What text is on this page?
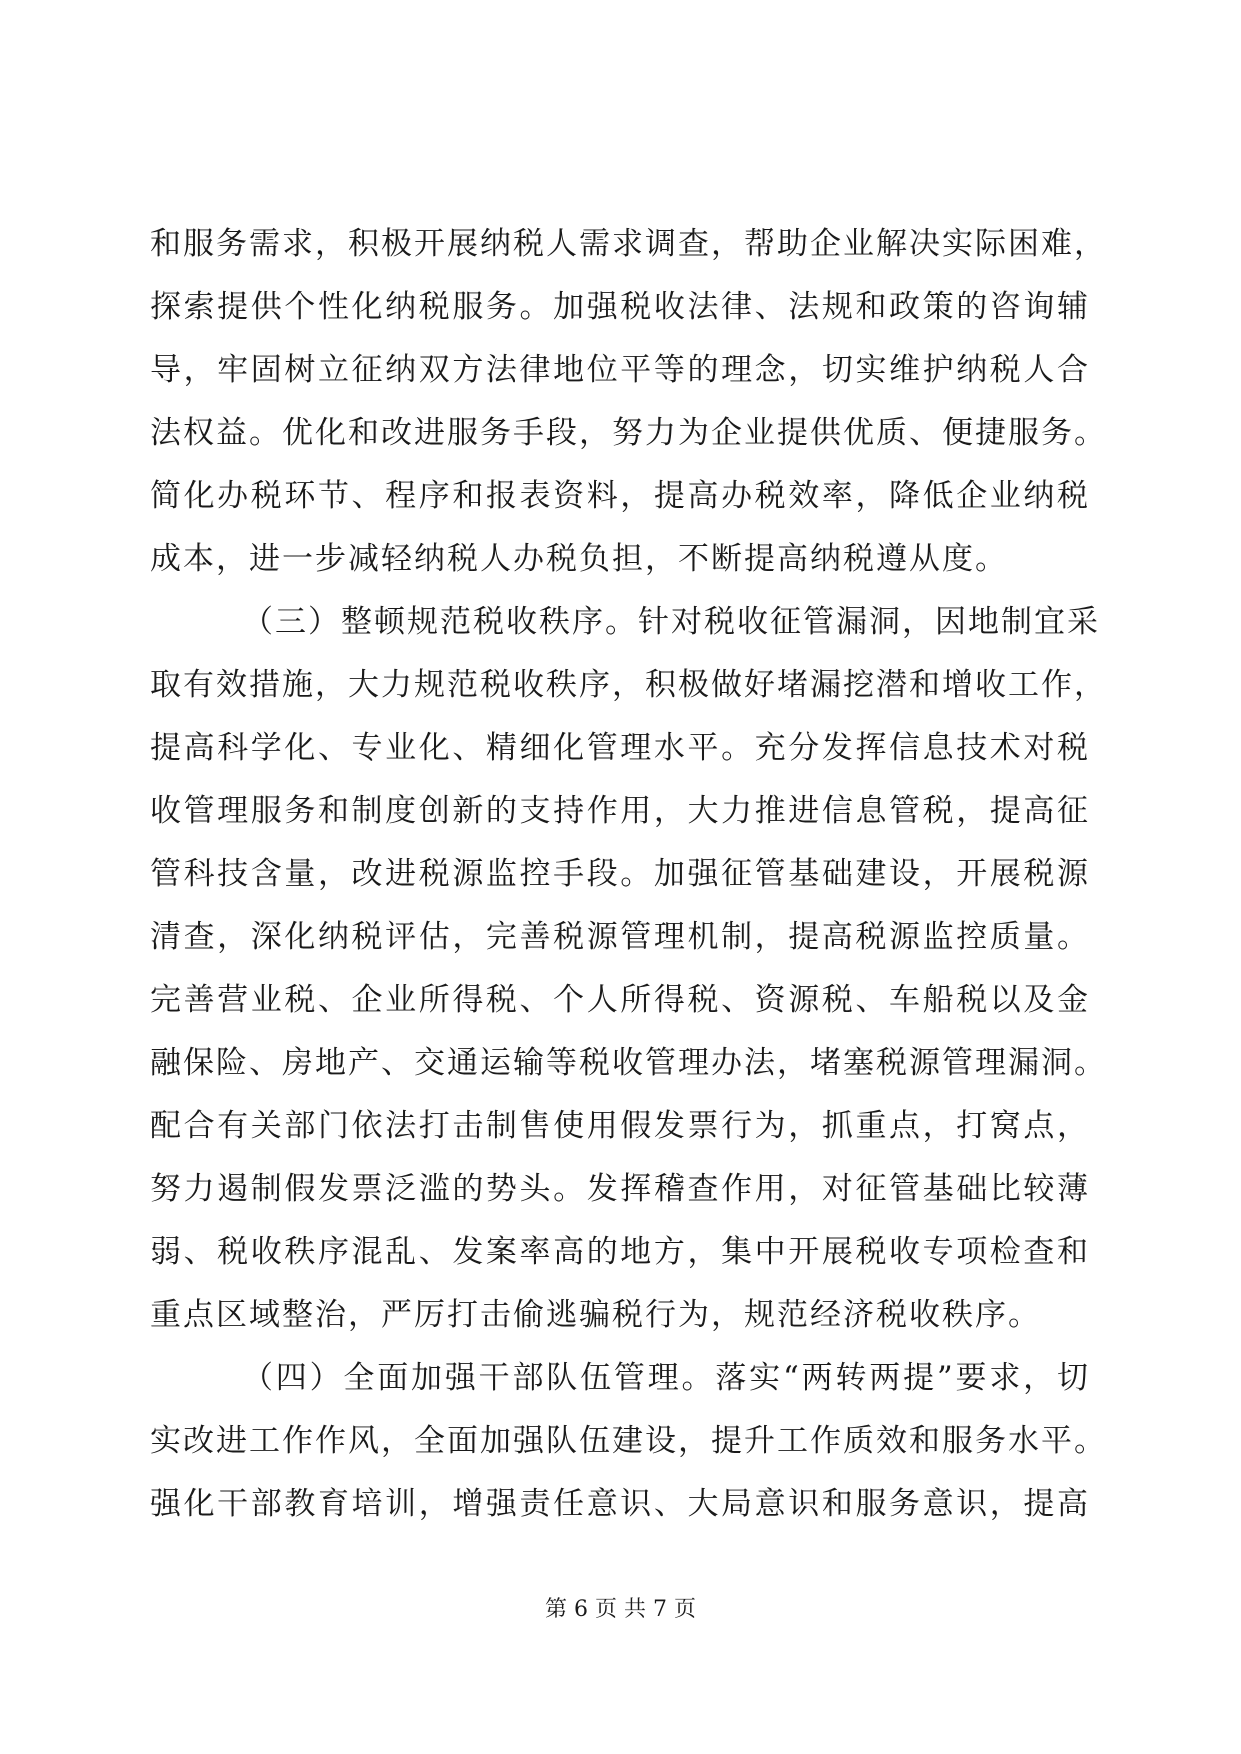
和服务需求，积极开展纳税人需求调查，帮助企业解决实际困难，
探索提供个性化纳税服务。加强税收法律、法规和政策的咨询辅
导，牢固树立征纳双方法律地位平等的理念，切实维护纳税人合
法权益。优化和改进服务手段，努力为企业提供优质、便捷服务。
简化办税环节、程序和报表资料，提高办税效率，降低企业纳税
成本，进一步减轻纳税人办税负担，不断提高纳税遵从度。
（三）整顿规范税收秩序。针对税收征管漏洞，因地制宜采
取有效措施，大力规范税收秩序，积极做好堵漏挖潜和增收工作，
提高科学化、专业化、精细化管理水平。充分发挥信息技术对税
收管理服务和制度创新的支持作用，大力推进信息管税，提高征
管科技含量，改进税源监控手段。加强征管基础建设，开展税源
清查，深化纳税评估，完善税源管理机制，提高税源监控质量。
完善营业税、企业所得税、个人所得税、资源税、车船税以及金
融保险、房地产、交通运输等税收管理办法，堵塞税源管理漏洞。
配合有关部门依法打击制售使用假发票行为，抓重点，打窝点，
努力遏制假发票泛滥的势头。发挥稽查作用，对征管基础比较薄
弱、税收秩序混乱、发案率高的地方，集中开展税收专项检查和
重点区域整治，严厉打击偷逃骗税行为，规范经济税收秩序。
（四）全面加强干部队伍管理。落实“两转两提”要求，切
实改进工作作风，全面加强队伍建设，提升工作质效和服务水平。
强化干部教育培训，增强责任意识、大局意识和服务意识，提高
第 6 页 共 7 页
